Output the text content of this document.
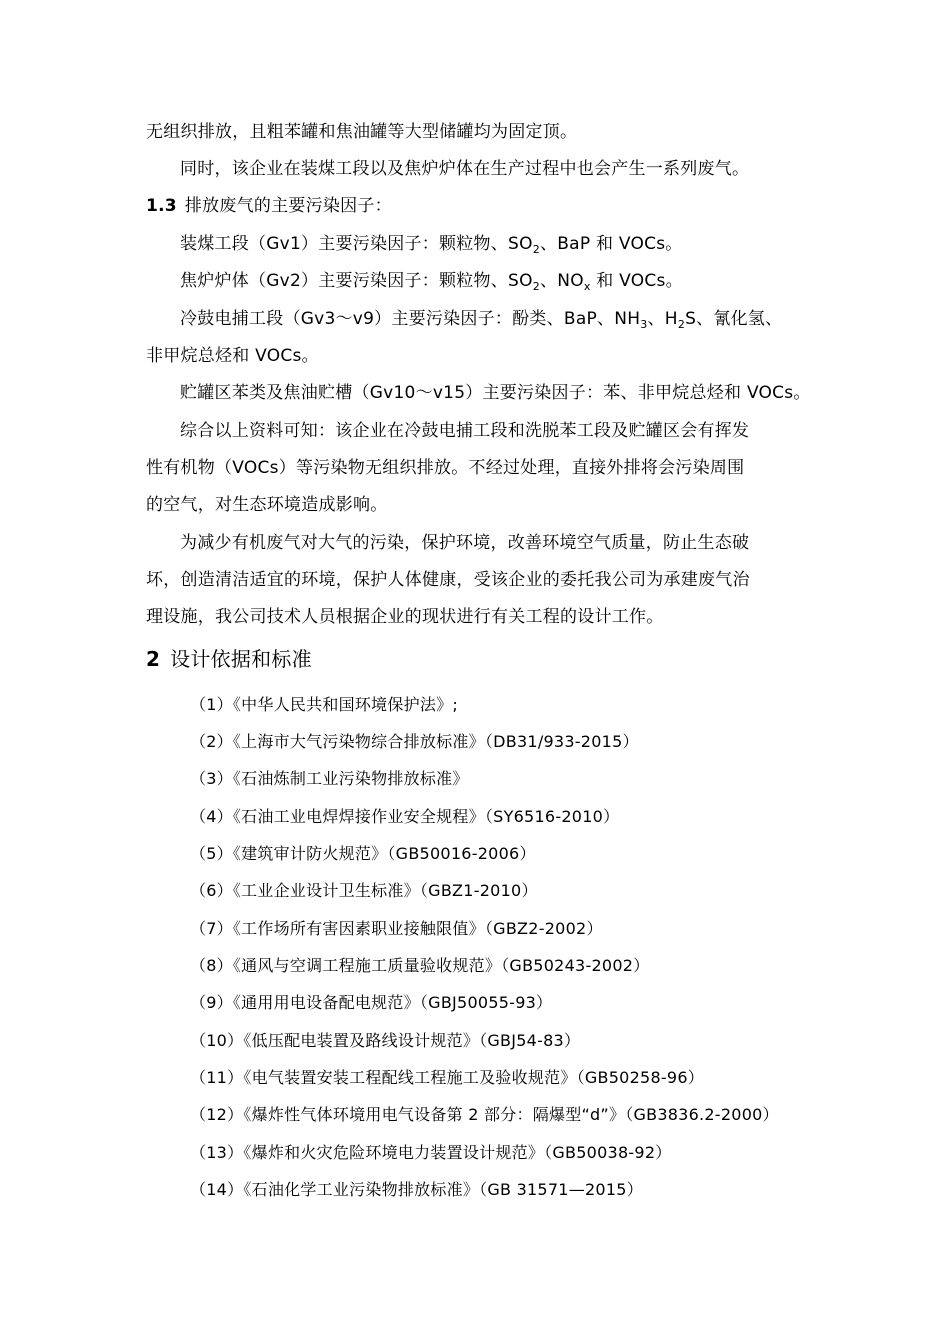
无组织排放，且粗苯罐和焦油罐等大型储罐均为固定顶。
同时，该企业在装煤工段以及焦炉炉体在生产过程中也会产生一系列废气。
1.3 排放废气的主要污染因子：
装煤工段（Gv1）主要污染因子：颗粒物、$SO_2$、BaP 和 VOCs。
焦炉炉体（Gv2）主要污染因子：颗粒物、$SO_2$、$NO_x$ 和 VOCs。
冷鼓电捕工段（Gv3～v9）主要污染因子：酚类、BaP、$NH_3$、$H_2S$、氰化氢、
非甲烷总烃和 VOCs。
贮罐区苯类及焦油贮槽（Gv10～v15）主要污染因子：苯、非甲烷总烃和 VOCs。
综合以上资料可知：该企业在冷鼓电捕工段和洗脱苯工段及贮罐区会有挥发
性有机物（VOCs）等污染物无组织排放。不经过处理，直接外排将会污染周围
的空气，对生态环境造成影响。
为减少有机废气对大气的污染，保护环境，改善环境空气质量，防止生态破
坏，创造清洁适宜的环境，保护人体健康，受该企业的委托我公司为承建废气治
理设施，我公司技术人员根据企业的现状进行有关工程的设计工作。
2 设计依据和标准
（1）《中华人民共和国环境保护法》;
（2）《上海市大气污染物综合排放标准》（DB31/933-2015）
（3）《石油炼制工业污染物排放标准》
（4）《石油工业电焊焊接作业安全规程》（SY6516-2010）
（5）《建筑审计防火规范》（GB50016-2006）
（6）《工业企业设计卫生标准》（GBZ1-2010）
（7）《工作场所有害因素职业接触限值》（GBZ2-2002）
（8）《通风与空调工程施工质量验收规范》（GB50243-2002）
（9）《通用用电设备配电规范》（GBJ50055-93）
（10）《低压配电装置及路线设计规范》（GBJ54-83）
（11）《电气装置安装工程配线工程施工及验收规范》（GB50258-96）
（12）《爆炸性气体环境用电气设备第 2 部分：隔爆型“d”》（GB3836.2-2000）
（13）《爆炸和火灾危险环境电力装置设计规范》（GB50038-92）
（14）《石油化学工业污染物排放标准》（GB 31571—2015）
